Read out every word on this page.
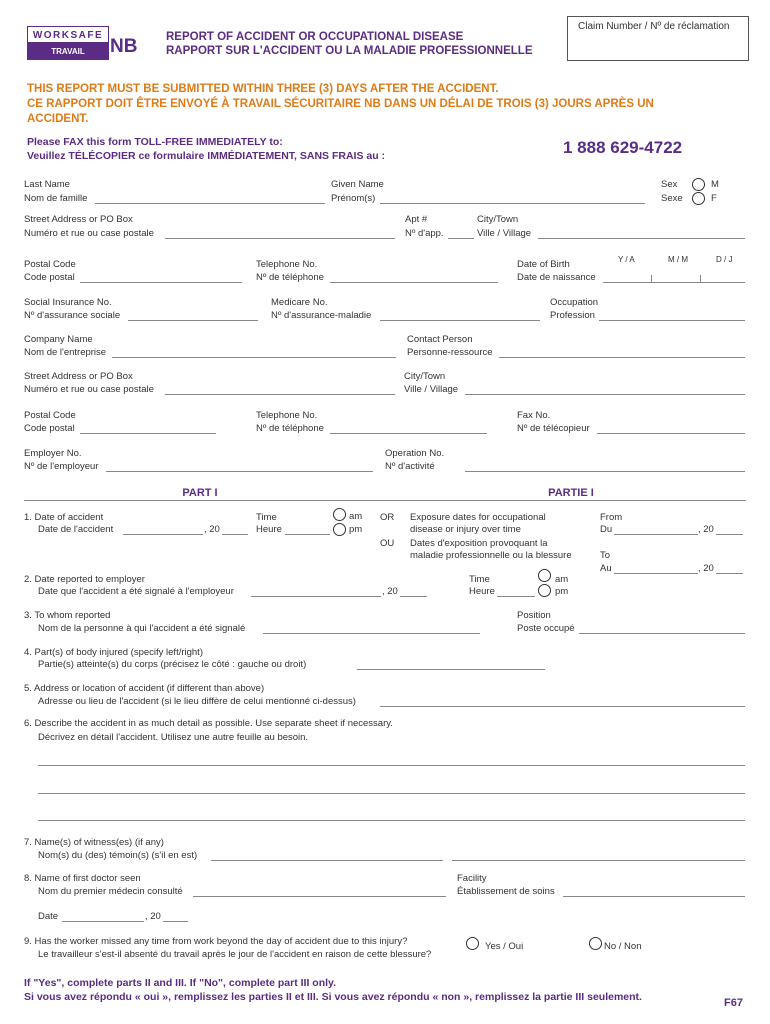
WORKSAFE
TRAVAIL SÉCURITAIRE
NB REPORT OF ACCIDENT OR OCCUPATIONAL DISEASE
RAPPORT SUR L'ACCIDENT OU LA MALADIE PROFESSIONNELLE
Claim Number / Nº de réclamation
THIS REPORT MUST BE SUBMITTED WITHIN THREE (3) DAYS AFTER THE ACCIDENT.
CE RAPPORT DOIT ÊTRE ENVOYÉ À TRAVAIL SÉCURITAIRE NB DANS UN DÉLAI DE TROIS (3) JOURS APRÈS UN
ACCIDENT.
Please FAX this form TOLL-FREE IMMEDIATELY to:
Veuillez TÉLÉCOPIER ce formulaire IMMÉDIATEMENT, SANS FRAIS au :	1 888 629-4722
Last Name
Nom de famille
Given Name
Prénom(s)
Sex
Sexe
M
F
Street Address or PO Box
Numéro et rue ou case postale
Apt #
Nº d'app.
City/Town
Ville / Village
Postal Code
Code postal
Telephone No.
Nº de téléphone
Y / A	M / M	D / J
Date of Birth
Date de naissance
Social Insurance No.
Nº d'assurance sociale
Medicare No.
Nº d'assurance-maladie
Occupation
Profession
Company Name
Nom de l'entreprise
Contact Person
Personne-ressource
Street Address or PO Box
Numéro et rue ou case postale
City/Town
Ville / Village
Postal Code
Code postal
Telephone No.
Nº de téléphone
Fax No.
Nº de télécopieur
Employer No.
Nº de l'employeur
Operation No.
Nº d'activité
PART I	PARTIE I
1. Date of accident
Date de l'accident	, 20
Time
Heure
am
pm
OR
OU
Exposure dates for occupational
disease or injury over time
Dates d'exposition provoquant la
maladie professionnelle ou la blessure
From
Du	, 20
To
Au	, 20
2. Date reported to employer
Date que l'accident a été signalé à l'employeur	, 20
Time
Heure
am
pm
3. To whom reported
Nom de la personne à qui l'accident a été signalé
Position
Poste occupé
4. Part(s) of body injured (specify left/right)
Partie(s) atteinte(s) du corps (précisez le côté : gauche ou droit)
5. Address or location of accident (if different than above)
Adresse ou lieu de l'accident (si le lieu diffère de celui mentionné ci-dessus)
6. Describe the accident in as much detail as possible. Use separate sheet if necessary.
Décrivez en détail l'accident. Utilisez une autre feuille au besoin.
7. Name(s) of witness(es) (if any)
Nom(s) du (des) témoin(s) (s'il en est)
8. Name of first doctor seen
Nom du premier médecin consulté
Facility
Établissement de soins
Date	, 20
9. Has the worker missed any time from work beyond the day of accident due to this injury?
Le travailleur s'est-il absenté du travail après le jour de l'accident en raison de cette blessure?
Yes / Oui	No / Non
If "Yes", complete parts II and III. If "No", complete part III only.
Si vous avez répondu « oui », remplissez les parties II et III. Si vous avez répondu « non », remplissez la partie III seulement.	F67
